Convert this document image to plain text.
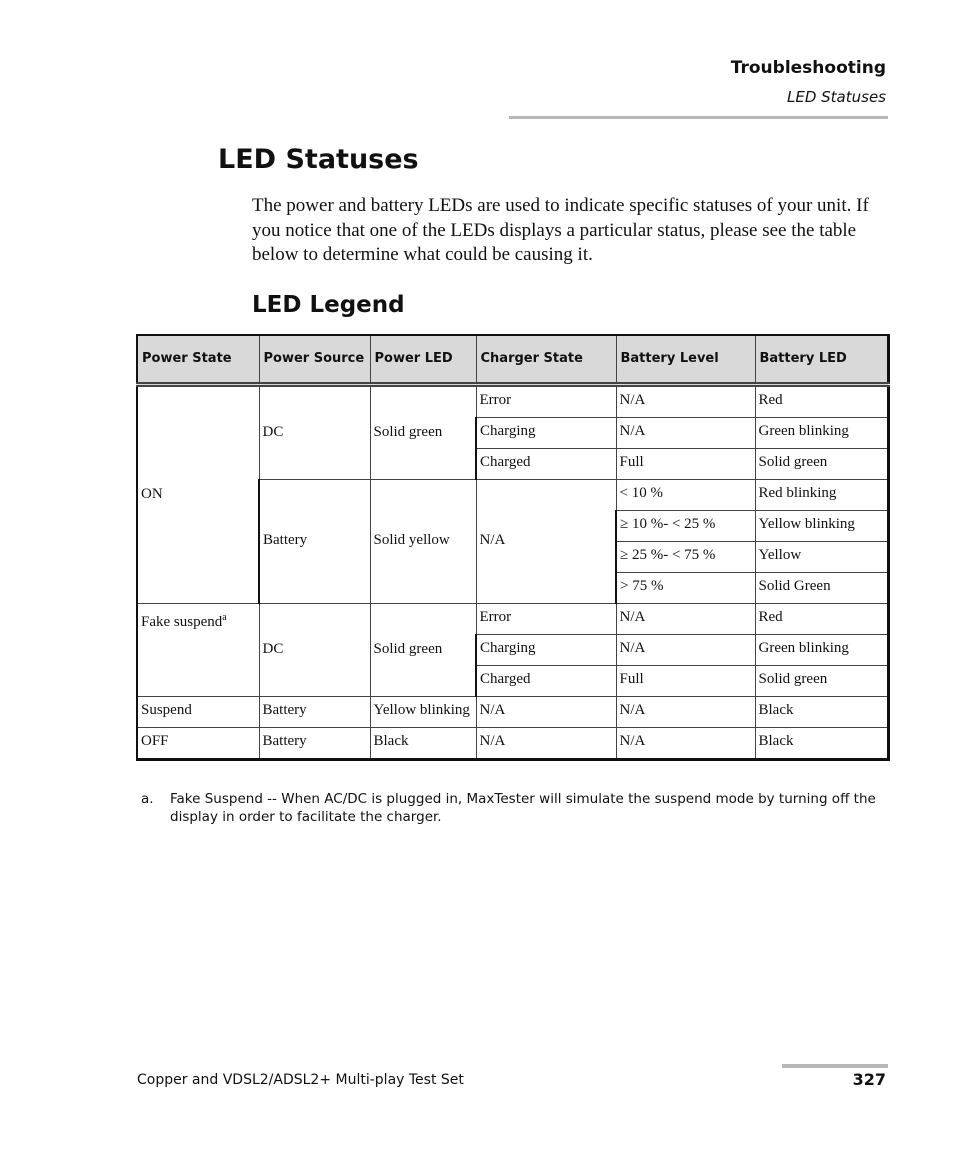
Troubleshooting
LED Statuses
LED Statuses

The power and battery LEDs are used to indicate specific statuses of your unit. If you notice that one of the LEDs displays a particular status, please see the table below to determine what could be causing it.

LED Legend
Power State	Power Source	Power LED	Charger State	Battery Level	Battery LED
ON	DC	Solid green	Error	N/A	Red
			Charging	N/A	Green blinking
			Charged	Full	Solid green
	Battery	Solid yellow	N/A	< 10 %	Red blinking
				≥ 10 %- < 25 %	Yellow blinking
				≥ 25 %- < 75 %	Yellow
				> 75 %	Solid Green
Fake suspend$^a$	DC	Solid green	Error	N/A	Red
			Charging	N/A	Green blinking
			Charged	Full	Solid green
Suspend	Battery	Yellow blinking	N/A	N/A	Black
OFF	Battery	Black	N/A	N/A	Black
a. Fake Suspend -- When AC/DC is plugged in, MaxTester will simulate the suspend mode by turning off the display in order to facilitate the charger.
Copper and VDSL2/ADSL2+ Multi-play Test Set	327
